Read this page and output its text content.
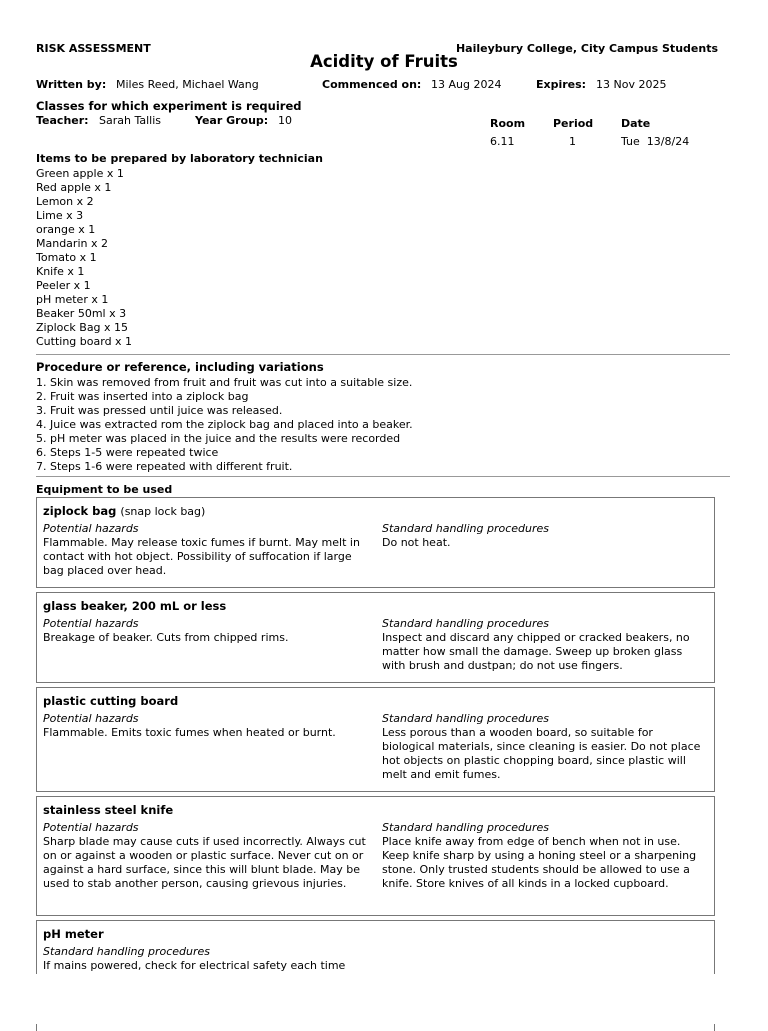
RISK ASSESSMENT	Haileybury College, City Campus Students
Acidity of Fruits
Written by: Miles Reed, Michael Wang	Commenced on: 13 Aug 2024	Expires: 13 Nov 2025
Classes for which experiment is required
Teacher: Sarah Tallis	Year Group: 10	Room	Period	Date
6.11	1	Tue  13/8/24
Items to be prepared by laboratory technician
Green apple x 1
Red apple x 1
Lemon x 2
Lime x 3
orange x 1
Mandarin x 2
Tomato x 1
Knife x 1
Peeler x 1
pH meter x 1
Beaker 50ml x 3
Ziplock Bag x 15
Cutting board x 1
Procedure or reference, including variations
1. Skin was removed from fruit and fruit was cut into a suitable size.
2. Fruit was inserted into a ziplock bag
3. Fruit was pressed until juice was released.
4. Juice was extracted rom the ziplock bag and placed into a beaker.
5. pH meter was placed in the juice and the results were recorded
6. Steps 1-5 were repeated twice
7. Steps 1-6 were repeated with different fruit.
Equipment to be used
ziplock bag (snap lock bag)
Potential hazards
Flammable. May release toxic fumes if burnt. May melt in contact with hot object. Possibility of suffocation if large bag placed over head.
Standard handling procedures
Do not heat.
glass beaker, 200 mL or less
Potential hazards
Breakage of beaker. Cuts from chipped rims.
Standard handling procedures
Inspect and discard any chipped or cracked beakers, no matter how small the damage. Sweep up broken glass with brush and dustpan; do not use fingers.
plastic cutting board
Potential hazards
Flammable. Emits toxic fumes when heated or burnt.
Standard handling procedures
Less porous than a wooden board, so suitable for biological materials, since cleaning is easier. Do not place hot objects on plastic chopping board, since plastic will melt and emit fumes.
stainless steel knife
Potential hazards
Sharp blade may cause cuts if used incorrectly. Always cut on or against a wooden or plastic surface. Never cut on or against a hard surface, since this will blunt blade. May be used to stab another person, causing grievous injuries.
Standard handling procedures
Place knife away from edge of bench when not in use. Keep knife sharp by using a honing steel or a sharpening stone. Only trusted students should be allowed to use a knife. Store knives of all kinds in a locked cupboard.
pH meter
Standard handling procedures
If mains powered, check for electrical safety each time
